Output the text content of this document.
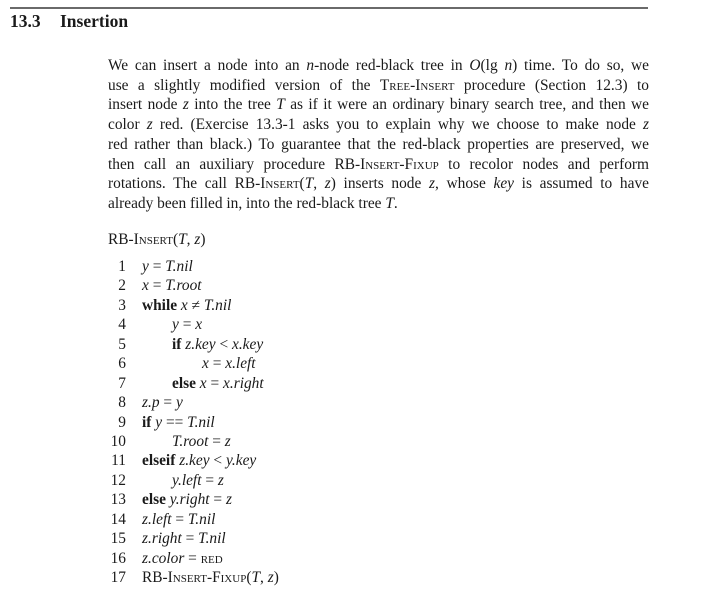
13.3 Insertion
We can insert a node into an n-node red-black tree in O(lg n) time. To do so, we
use a slightly modified version of the Tree-Insert procedure (Section 12.3) to
insert node z into the tree T as if it were an ordinary binary search tree, and then we
color z red. (Exercise 13.3-1 asks you to explain why we choose to make node z
red rather than black.) To guarantee that the red-black properties are preserved, we
then call an auxiliary procedure RB-Insert-Fixup to recolor nodes and perform
rotations. The call RB-Insert(T, z) inserts node z, whose key is assumed to have
already been filled in, into the red-black tree T.
RB-Insert(T, z)
1 y = T.nil
2 x = T.root
3 while x ≠ T.nil
4	y = x
5	if z.key < x.key
6	x = x.left
7	else x = x.right
8 z.p = y
9 if y == T.nil
10	T.root = z
11 elseif z.key < y.key
12	y.left = z
13 else y.right = z
14 z.left = T.nil
15 z.right = T.nil
16 z.color = red
17 RB-Insert-Fixup(T, z)
